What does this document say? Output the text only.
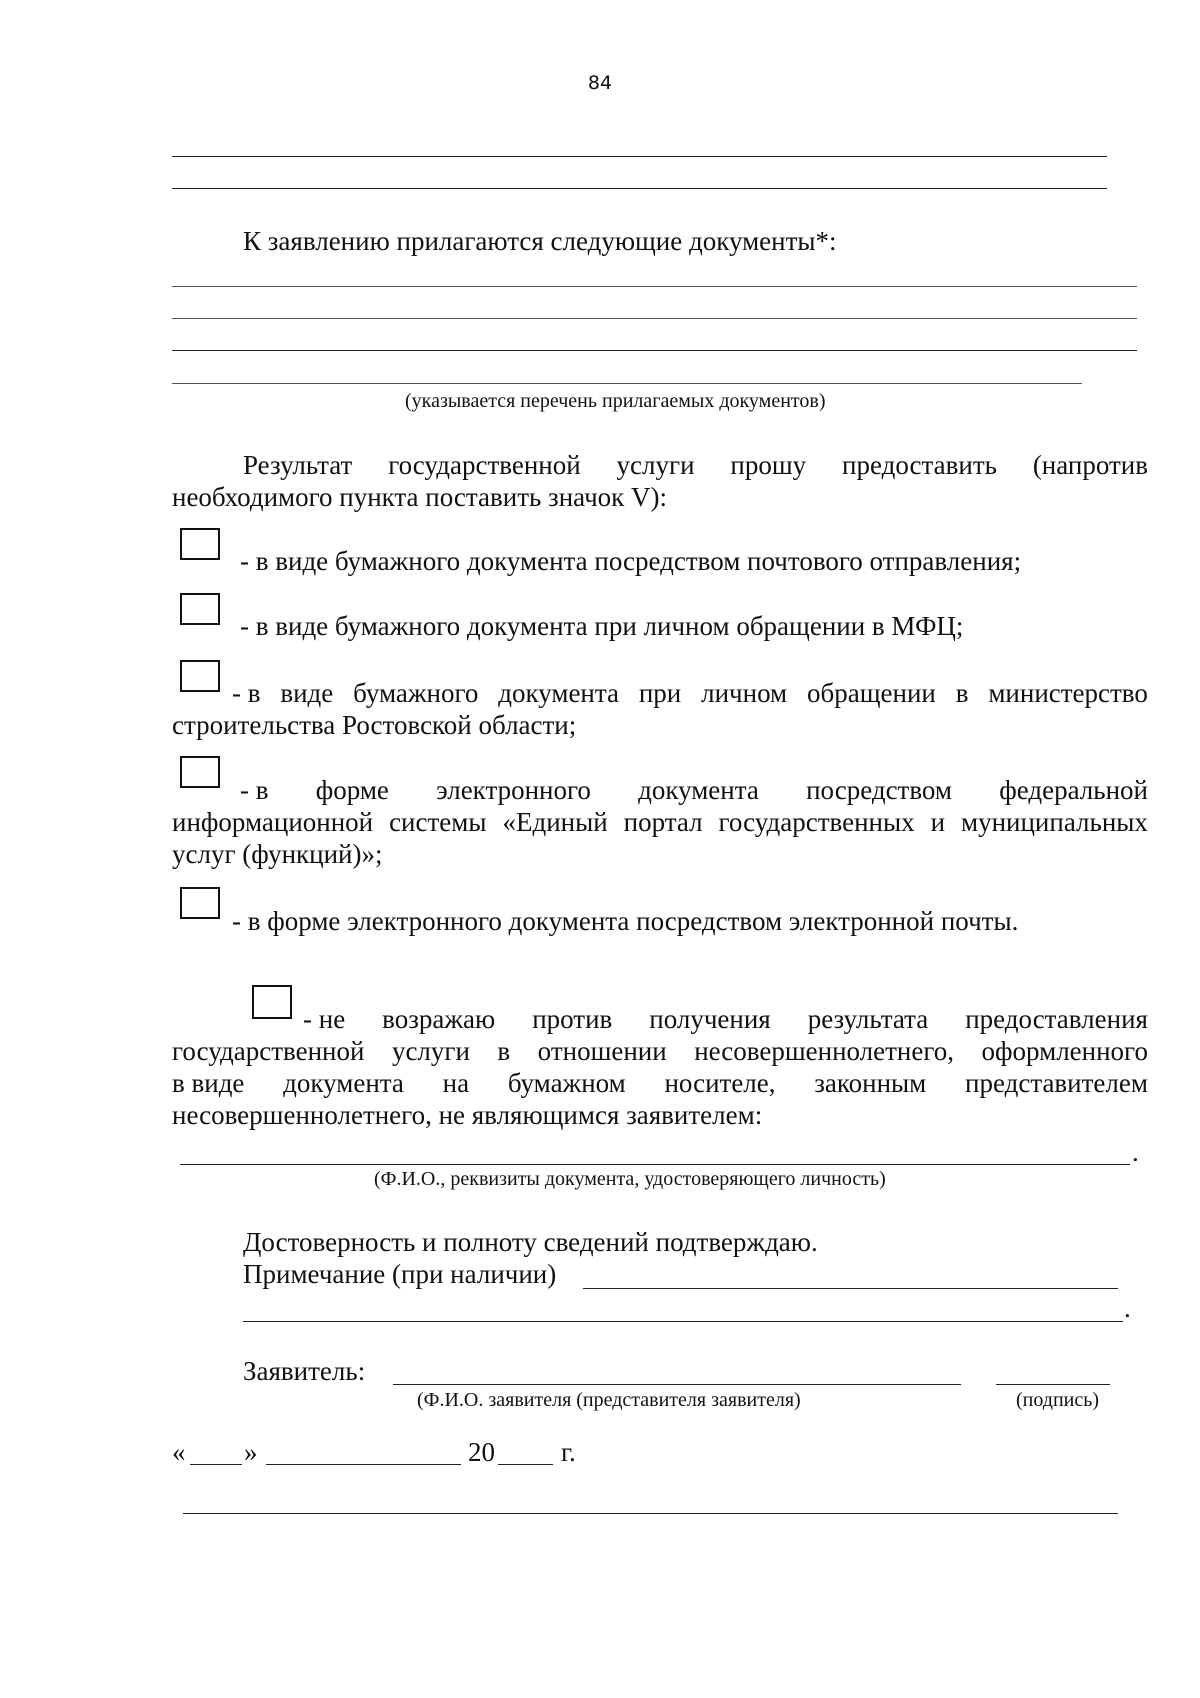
84
К заявлению прилагаются следующие документы*:
(указывается перечень прилагаемых документов)
Результат государственной услуги прошу предоставить (напротив
необходимого пункта поставить значок V):
- в виде бумажного документа посредством почтового отправления;
- в виде бумажного документа при личном обращении в МФЦ;
- в виде бумажного документа при личном обращении в министерство
строительства Ростовской области;
- в форме электронного документа посредством федеральной
информационной системы «Единый портал государственных и муниципальных
услуг (функций)»;
- в форме электронного документа посредством электронной почты.
- не возражаю против получения результата предоставления
государственной услуги в отношении несовершеннолетнего, оформленного
в виде документа на бумажном носителе, законным представителем
несовершеннолетнего, не являющимся заявителем:
.
(Ф.И.О., реквизиты документа, удостоверяющего личность)
Достоверность и полноту сведений подтверждаю.
Примечание (при наличии)
.
Заявитель:
(Ф.И.О. заявителя (представителя заявителя)	(подпись)
« »	20 г.
